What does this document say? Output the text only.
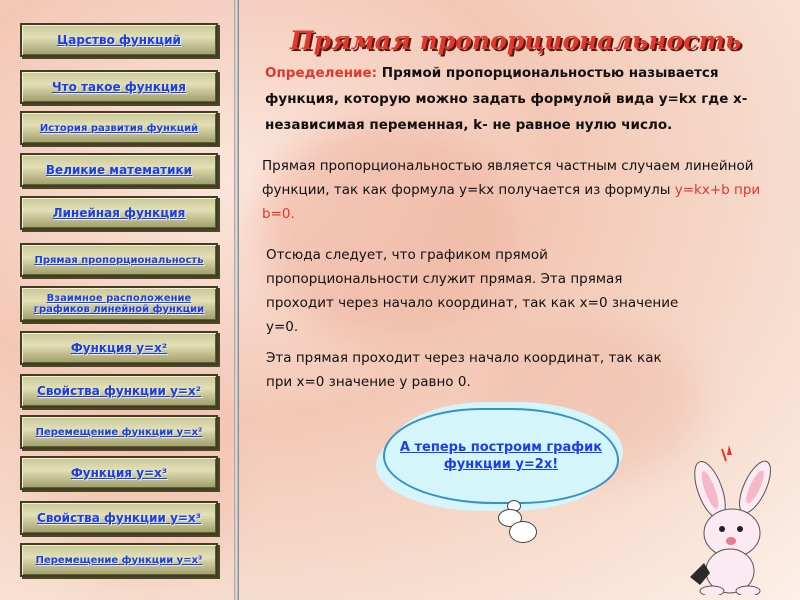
Царство функций
Что такое функция
История развития функций
Великие математики
Линейная функция
Прямая пропорциональность
Взаимное расположение графиков линейной функции
Функция y=x²
Свойства функции y=x²
Перемещение функции y=x²
Функция y=x³
Свойства функции y=x³
Перемещение функции y=x³
Прямая пропорциональность
Определение: Прямой пропорциональностью называется функция, которую можно задать формулой вида y=kx где x- независимая переменная, k- не равное нулю число.
Прямая пропорциональностью является частным случаем линейной функции, так как формула y=kx получается из формулы y=kx+b при b=0.
Отсюда следует, что графиком прямой пропорциональности служит прямая. Эта прямая проходит через начало координат, так как x=0 значение y=0.
Эта прямая проходит через начало координат, так как при x=0 значение y равно 0.
А теперь построим график функции y=2x!
